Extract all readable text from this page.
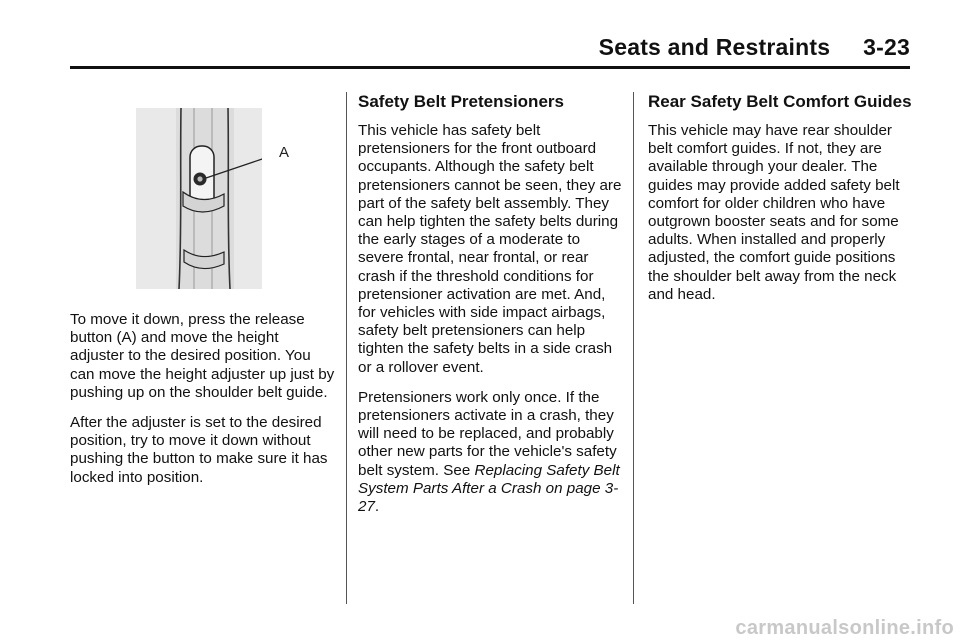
Seats and Restraints     3-23
A

To move it down, press the release button (A) and move the height adjuster to the desired position. You can move the height adjuster up just by pushing up on the shoulder belt guide.

After the adjuster is set to the desired position, try to move it down without pushing the button to make sure it has locked into position.

Safety Belt Pretensioners

This vehicle has safety belt pretensioners for the front outboard occupants. Although the safety belt pretensioners cannot be seen, they are part of the safety belt assembly. They can help tighten the safety belts during the early stages of a moderate to severe frontal, near frontal, or rear crash if the threshold conditions for pretensioner activation are met. And, for vehicles with side impact airbags, safety belt pretensioners can help tighten the safety belts in a side crash or a rollover event.

Pretensioners work only once. If the pretensioners activate in a crash, they will need to be replaced, and probably other new parts for the vehicle's safety belt system. See Replacing Safety Belt System Parts After a Crash on page 3-27.

Rear Safety Belt Comfort Guides

This vehicle may have rear shoulder belt comfort guides. If not, they are available through your dealer. The guides may provide added safety belt comfort for older children who have outgrown booster seats and for some adults. When installed and properly adjusted, the comfort guide positions the shoulder belt away from the neck and head.

carmanualsonline.info
